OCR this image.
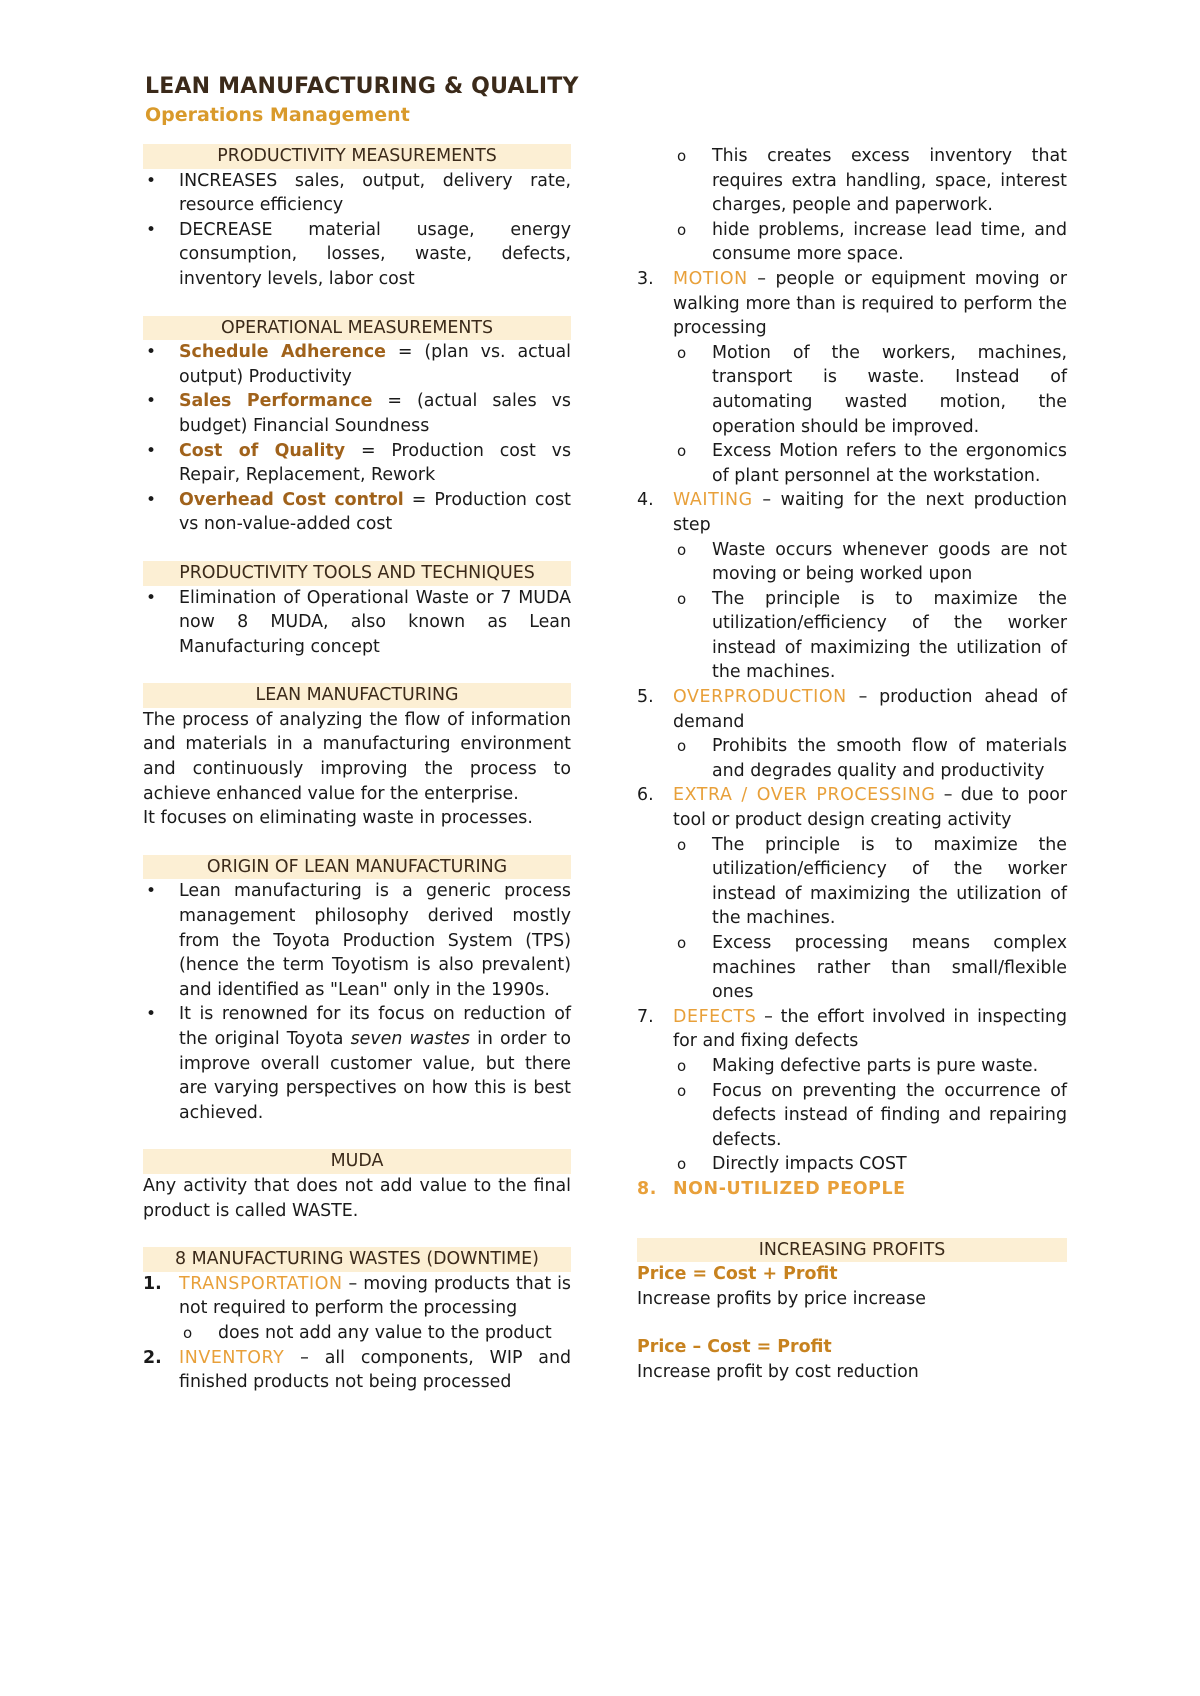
LEAN MANUFACTURING & QUALITY
Operations Management
PRODUCTIVITY MEASUREMENTS
• INCREASES sales, output, delivery rate, resource efficiency
• DECREASE material usage, energy consumption, losses, waste, defects, inventory levels, labor cost
OPERATIONAL MEASUREMENTS
• Schedule Adherence = (plan vs. actual output) Productivity
• Sales Performance = (actual sales vs budget) Financial Soundness
• Cost of Quality = Production cost vs Repair, Replacement, Rework
• Overhead Cost control = Production cost vs non-value-added cost
PRODUCTIVITY TOOLS AND TECHNIQUES
• Elimination of Operational Waste or 7 MUDA now 8 MUDA, also known as Lean Manufacturing concept
LEAN MANUFACTURING

The process of analyzing the flow of information and materials in a manufacturing environment and continuously improving the process to achieve enhanced value for the enterprise.

It focuses on eliminating waste in processes.

ORIGIN OF LEAN MANUFACTURING
• Lean manufacturing is a generic process management philosophy derived mostly from the Toyota Production System (TPS) (hence the term Toyotism is also prevalent) and identified as "Lean" only in the 1990s.
• It is renowned for its focus on reduction of the original Toyota seven wastes in order to improve overall customer value, but there are varying perspectives on how this is best achieved.
MUDA

Any activity that does not add value to the final product is called WASTE.

8 MANUFACTURING WASTES (DOWNTIME)
1. TRANSPORTATION – moving products that is not required to perform the processing
o does not add any value to the product
2. INVENTORY – all components, WIP and finished products not being processed
o This creates excess inventory that requires extra handling, space, interest charges, people and paperwork.
o hide problems, increase lead time, and consume more space.
3. MOTION – people or equipment moving or walking more than is required to perform the processing
o Motion of the workers, machines, transport is waste. Instead of automating wasted motion, the operation should be improved.
o Excess Motion refers to the ergonomics of plant personnel at the workstation.
4. WAITING – waiting for the next production step
o Waste occurs whenever goods are not moving or being worked upon
o The principle is to maximize the utilization/efficiency of the worker instead of maximizing the utilization of the machines.
5. OVERPRODUCTION – production ahead of demand
o Prohibits the smooth flow of materials and degrades quality and productivity
6. EXTRA / OVER PROCESSING – due to poor tool or product design creating activity
o The principle is to maximize the utilization/efficiency of the worker instead of maximizing the utilization of the machines.
o Excess processing means complex machines rather than small/flexible ones
7. DEFECTS – the effort involved in inspecting for and fixing defects
o Making defective parts is pure waste.
o Focus on preventing the occurrence of defects instead of finding and repairing defects.
o Directly impacts COST
8. NON-UTILIZED PEOPLE
INCREASING PROFITS
Price = Cost + Profit
Increase profits by price increase
Price – Cost = Profit
Increase profit by cost reduction
